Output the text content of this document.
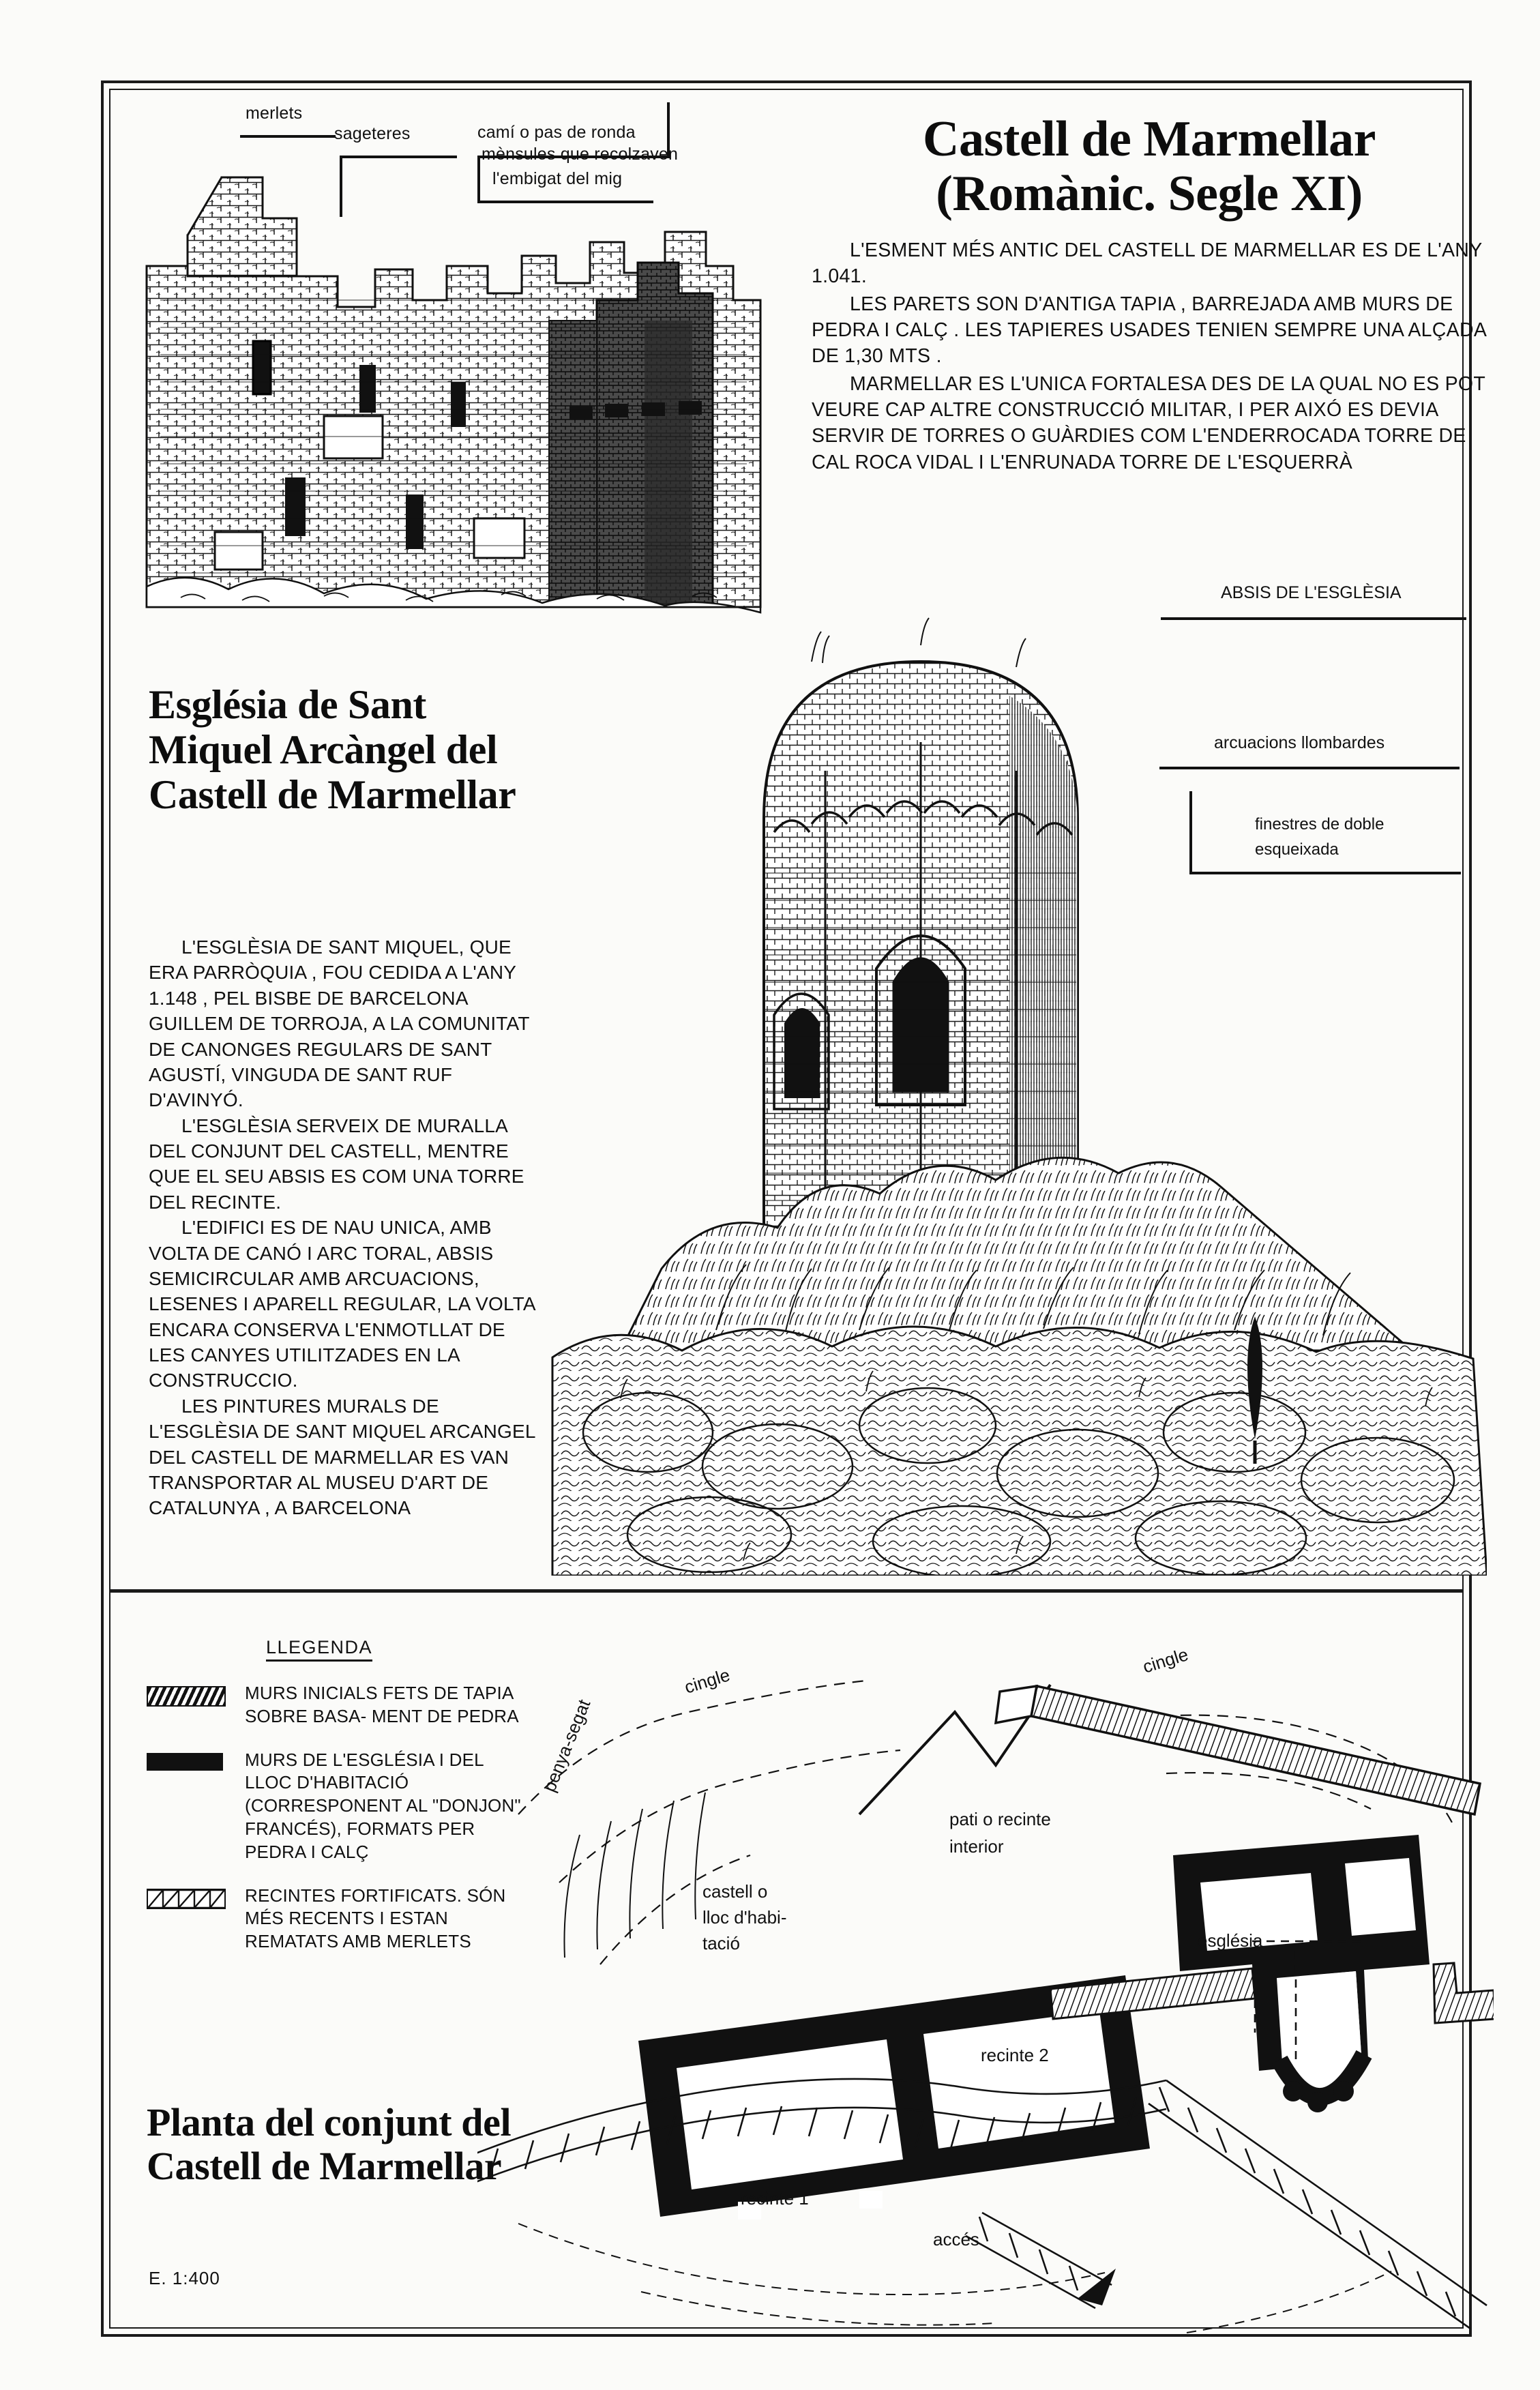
merlets
sageteres	camí o pas de ronda
mènsules que recolzaven
l'embigat del mig
Castell de Marmellar
(Romànic. Segle XI)

L'ESMENT MÉS ANTIC DEL CASTELL DE MARMELLAR ES DE L'ANY 1.041.

LES PARETS SON D'ANTIGA TAPIA , BARREJADA AMB MURS DE PEDRA I CALÇ . LES TAPIERES USADES TENIEN SEMPRE UNA ALÇADA DE 1,30 MTS .

MARMELLAR ES L'UNICA FORTALESA DES DE LA QUAL NO ES POT VEURE CAP ALTRE CONSTRUCCIÓ MILITAR, I PER AIXÓ ES DEVIA SERVIR DE TORRES O GUÀRDIES COM L'ENDERROCADA TORRE DE CAL ROCA VIDAL I L'ENRUNADA TORRE DE L'ESQUERRÀ

Església de Sant Miquel Arcàngel del Castell de Marmellar

L'ESGLÈSIA DE SANT MIQUEL, QUE ERA PARRÒQUIA , FOU CEDIDA A L'ANY 1.148 , PEL BISBE DE BARCELONA GUILLEM DE TORROJA, A LA COMUNITAT DE CANONGES REGULARS DE SANT AGUSTÍ, VINGUDA DE SANT RUF D'AVINYÓ.

L'ESGLÈSIA SERVEIX DE MURALLA DEL CONJUNT DEL CASTELL, MENTRE QUE EL SEU ABSIS ES COM UNA TORRE DEL RECINTE.

L'EDIFICI ES DE NAU UNICA, AMB VOLTA DE CANÓ I ARC TORAL, ABSIS SEMICIRCULAR AMB ARCUACIONS, LESENES I APARELL REGULAR, LA VOLTA ENCARA CONSERVA L'ENMOTLLAT DE LES CANYES UTILITZADES EN LA CONSTRUCCIO.

LES PINTURES MURALS DE L'ESGLÈSIA DE SANT MIQUEL ARCANGEL DEL CASTELL DE MARMELLAR ES VAN TRANSPORTAR AL MUSEU D'ART DE CATALUNYA , A BARCELONA

ABSIS DE L'ESGLÈSIA
arcuacions llombardes
finestres de doble
esqueixada
LLEGENDA
MURS INICIALS FETS DE TAPIA SOBRE BASA- MENT DE PEDRA
MURS DE L'ESGLÉSIA I DEL LLOC D'HABITACIÓ (CORRESPONENT AL "DONJON" FRANCÉS), FORMATS PER PEDRA I CALÇ
RECINTES FORTIFICATS. SÓN MÉS RECENTS I ESTAN REMATATS AMB MERLETS
Planta del conjunt del Castell de Marmellar
E. 1:400
cingle
cingle
penya-segat
pati o recinte
interior
castell o
lloc d'habi-
tació	església
recinte 2
recinte 1
accés
